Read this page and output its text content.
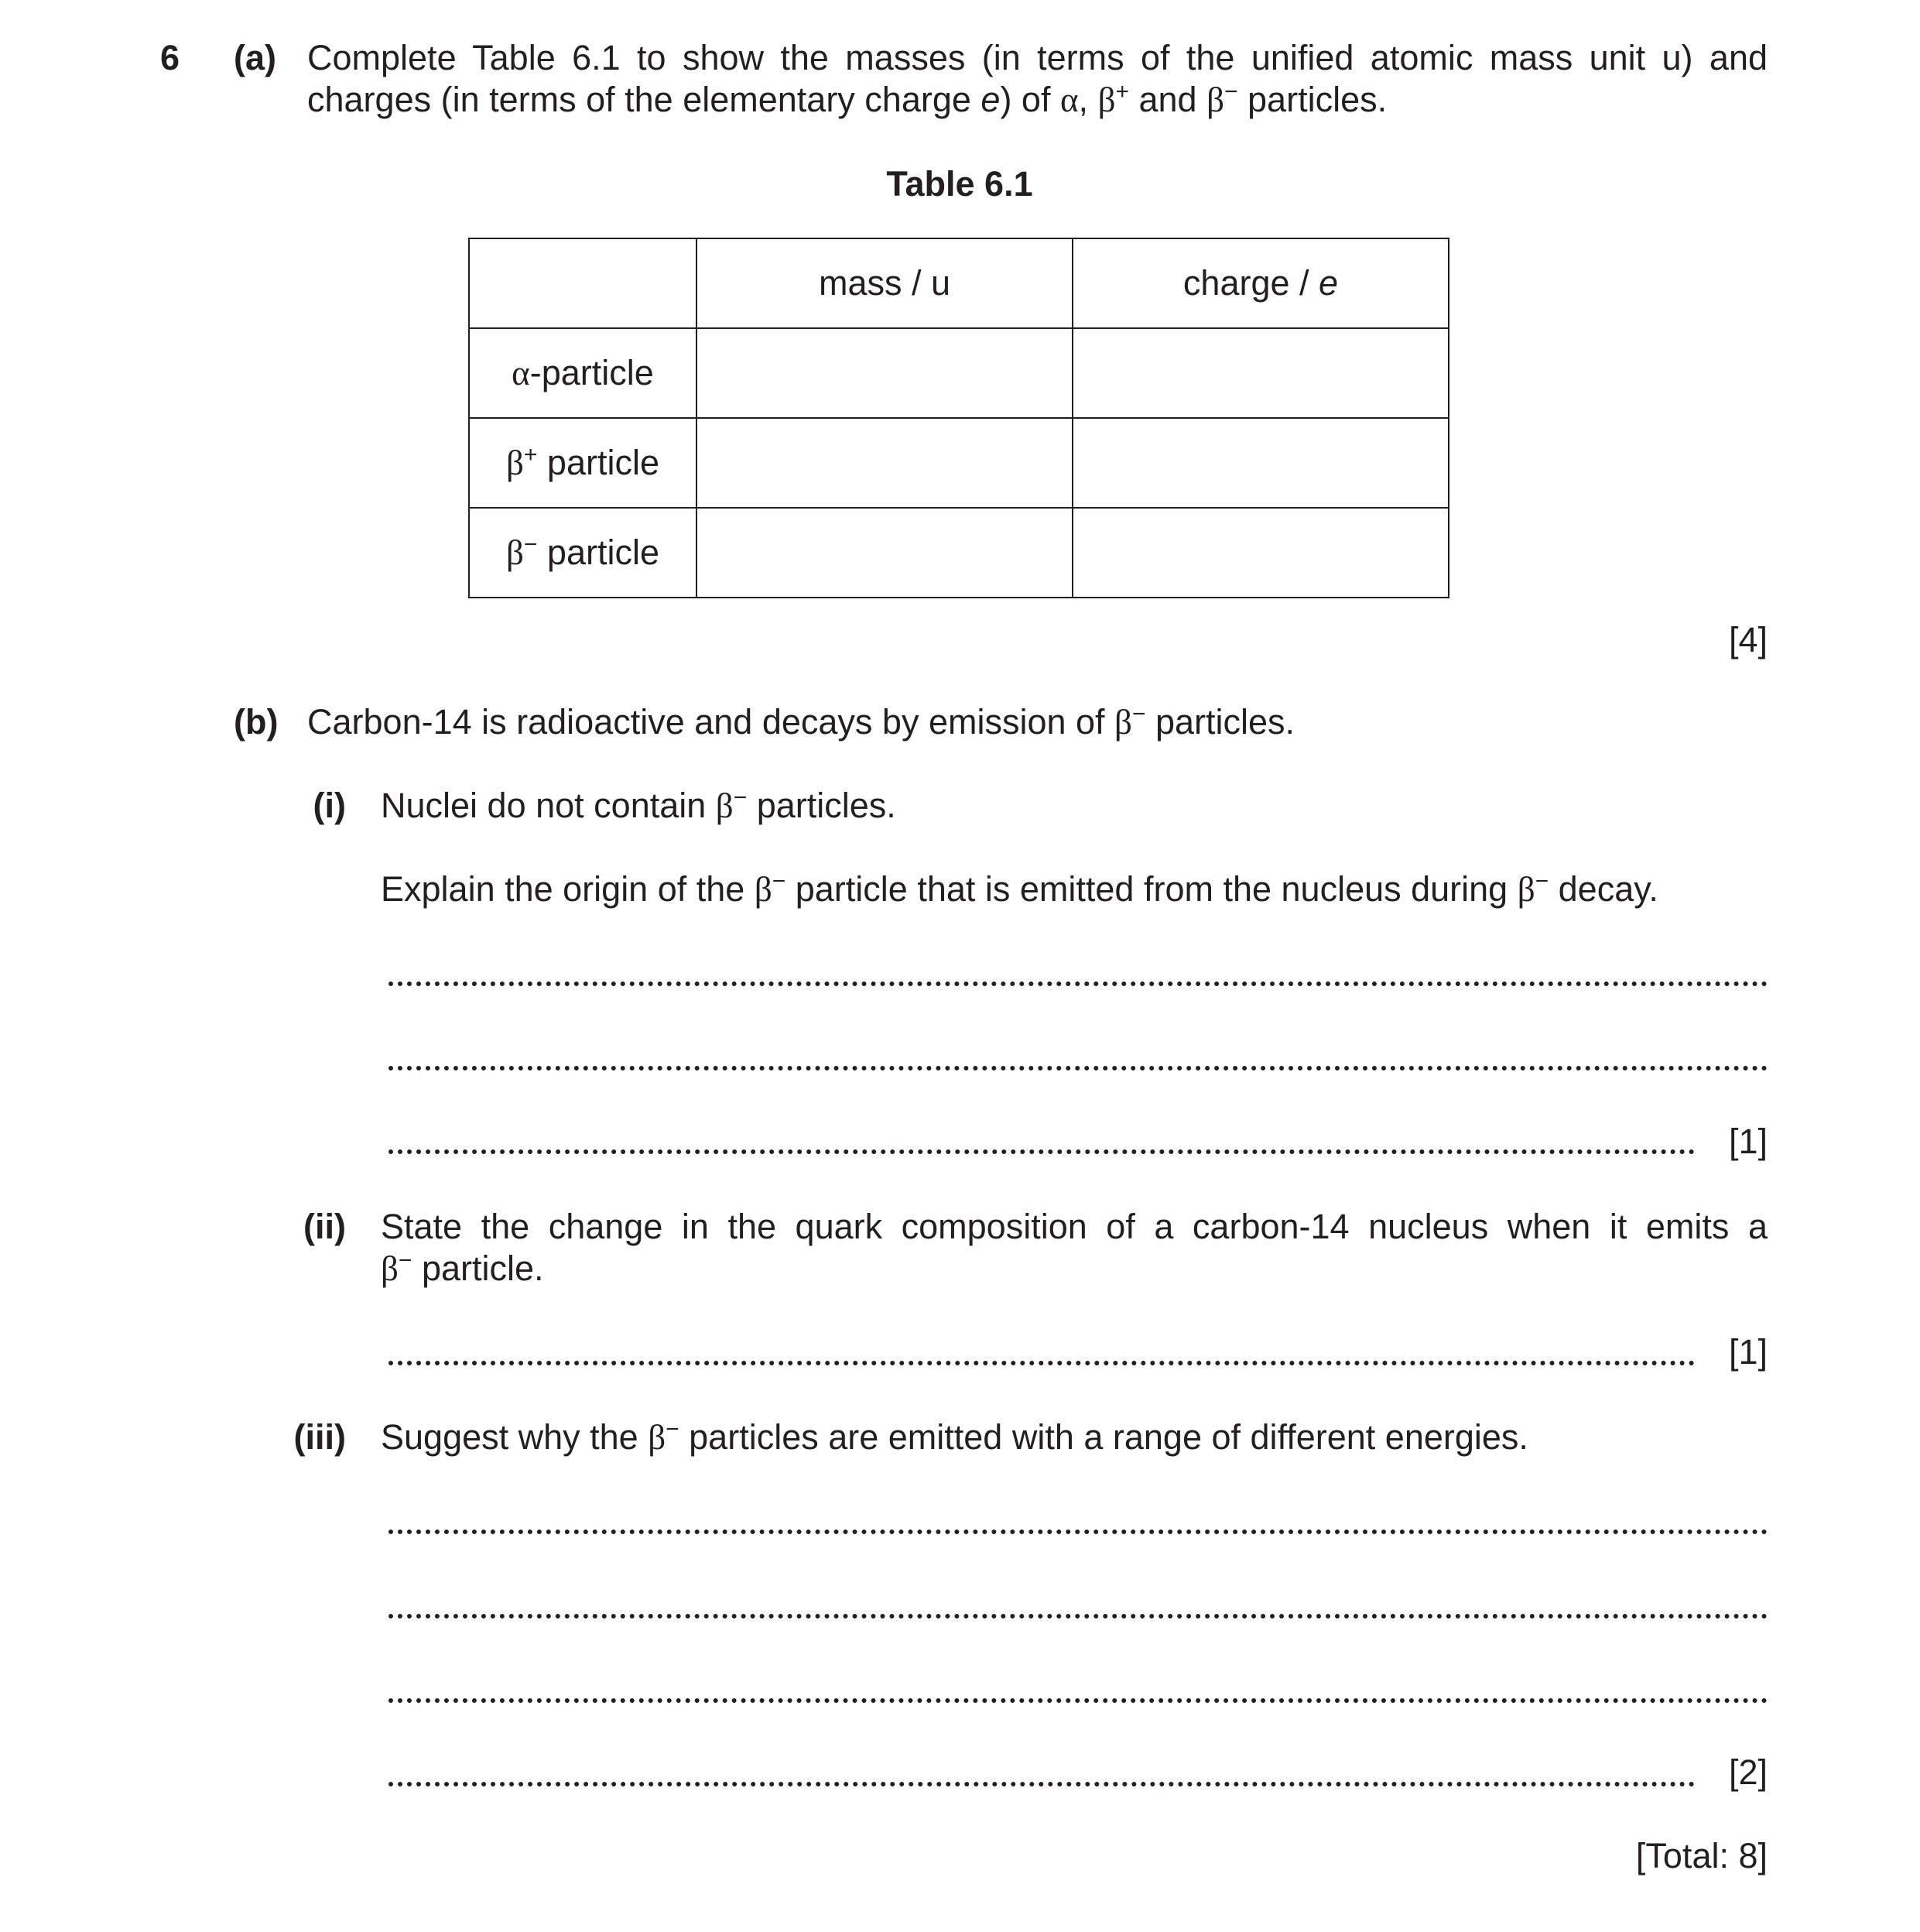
6 (a) Complete Table 6.1 to show the masses (in terms of the unified atomic mass unit u) and
charges (in terms of the elementary charge e) of α, β+ and β− particles.
Table 6.1
	mass / u	charge / e
α-particle		
β+ particle		
β− particle		
[4]
(b) Carbon-14 is radioactive and decays by emission of β− particles.
(i) Nuclei do not contain β− particles.
Explain the origin of the β− particle that is emitted from the nucleus during β− decay.
[1]
(ii) State the change in the quark composition of a carbon-14 nucleus when it emits a
β− particle.
[1]
(iii) Suggest why the β− particles are emitted with a range of different energies.
[2]
[Total: 8]
